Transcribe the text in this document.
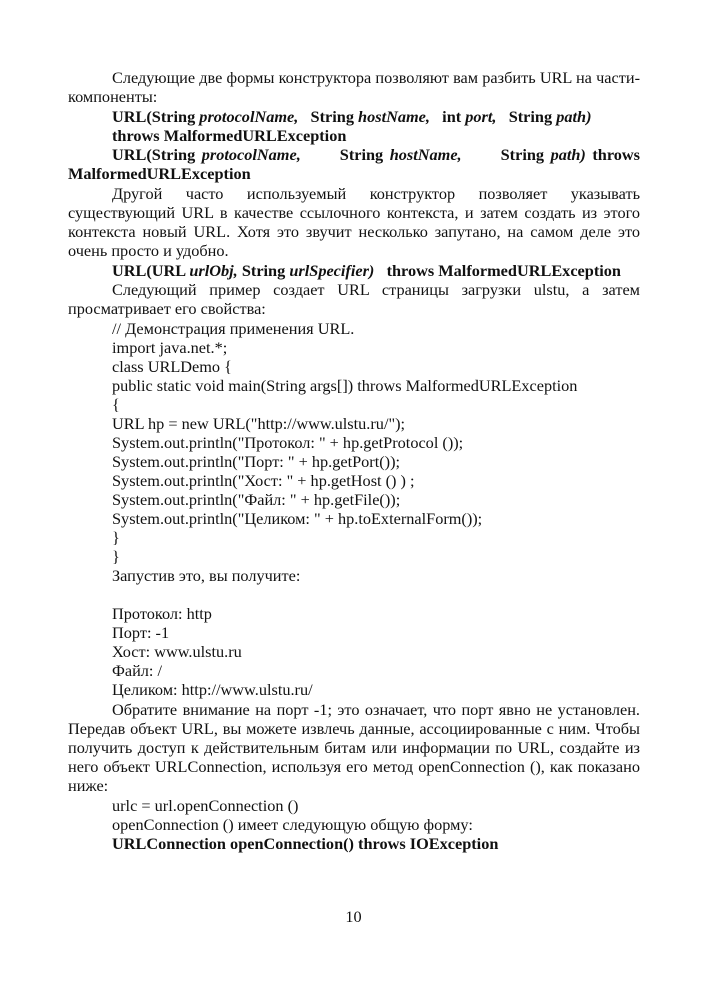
Следующие две формы конструктора позволяют вам разбить URL на части-компоненты:
URL(String protocolName,   String hostName,   int port,   String path)
throws MalformedURLException
URL(String protocolName,      String hostName,      String path) throws
MalformedURLException
Другой часто используемый конструктор позволяет указывать существующий URL в качестве ссылочного контекста, и затем создать из этого контекста новый URL. Хотя это звучит несколько запутано, на самом деле это очень просто и удобно.
URL(URL urlObj, String urlSpecifier)   throws MalformedURLException
Следующий пример создает URL страницы загрузки ulstu, а затем просматривает его свойства:
// Демонстрация применения URL.
import java.net.*;
class URLDemo {
public static void main(String args[]) throws MalformedURLException
{
URL hp = new URL("http://www.ulstu.ru/");
System.out.println("Протокол: " + hp.getProtocol ());
System.out.println("Порт: " + hp.getPort());
System.out.println("Хост: " + hp.getHost () ) ;
System.out.println("Файл: " + hp.getFile());
System.out.println("Целиком: " + hp.toExternalForm());
}
}
Запустив это, вы получите:
Протокол: http
Порт: -1
Хост: www.ulstu.ru
Файл: /
Целиком: http://www.ulstu.ru/
Обратите внимание на порт -1; это означает, что порт явно не установлен. Передав объект URL, вы можете извлечь данные, ассоциированные с ним. Чтобы получить доступ к действительным битам или информации по URL, создайте из него объект URLConnection, используя его метод openConnection (), как показано ниже:
urlc = url.openConnection ()
openConnection () имеет следующую общую форму:
URLConnection openConnection() throws IOException
10
